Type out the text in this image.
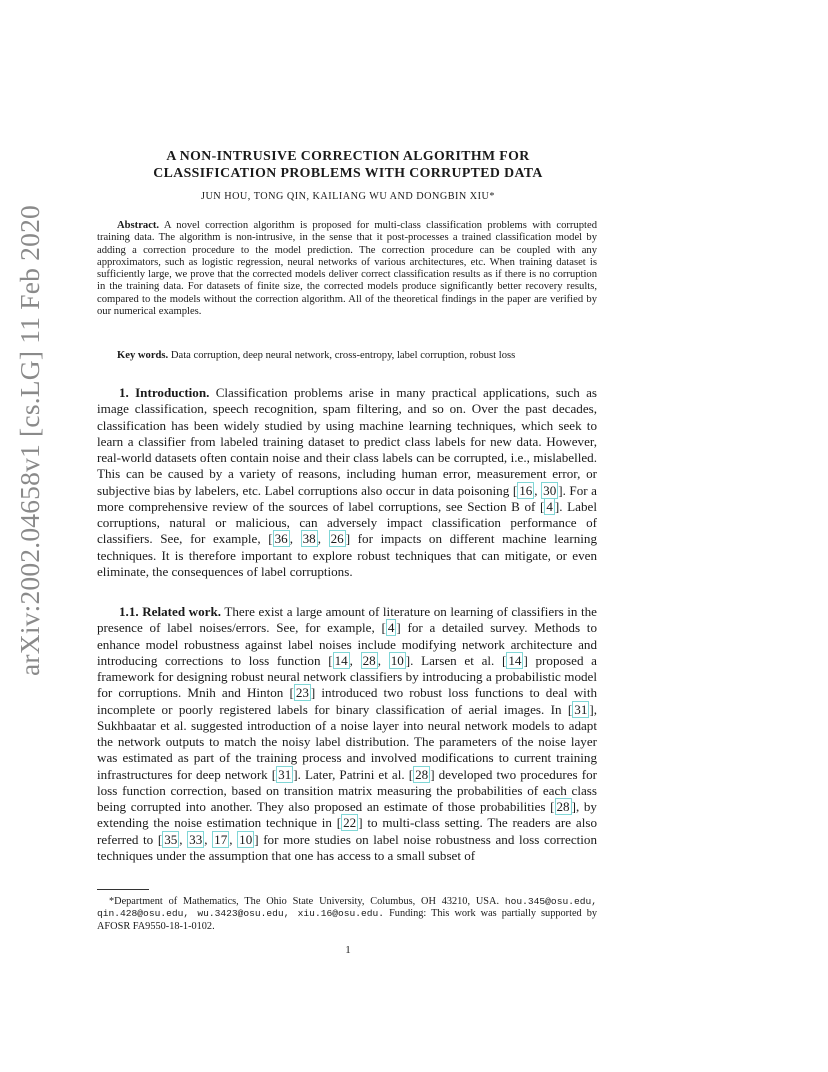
arXiv:2002.04658v1 [cs.LG] 11 Feb 2020
A NON-INTRUSIVE CORRECTION ALGORITHM FOR
CLASSIFICATION PROBLEMS WITH CORRUPTED DATA
JUN HOU, TONG QIN, KAILIANG WU AND DONGBIN XIU*
Abstract. A novel correction algorithm is proposed for multi-class classification problems with corrupted training data. The algorithm is non-intrusive, in the sense that it post-processes a trained classification model by adding a correction procedure to the model prediction. The correction procedure can be coupled with any approximators, such as logistic regression, neural networks of various architectures, etc. When training dataset is sufficiently large, we prove that the corrected models deliver correct classification results as if there is no corruption in the training data. For datasets of finite size, the corrected models produce significantly better recovery results, compared to the models without the correction algorithm. All of the theoretical findings in the paper are verified by our numerical examples.
Key words. Data corruption, deep neural network, cross-entropy, label corruption, robust loss
1. Introduction. Classification problems arise in many practical applications, such as image classification, speech recognition, spam filtering, and so on. Over the past decades, classification has been widely studied by using machine learning techniques, which seek to learn a classifier from labeled training dataset to predict class labels for new data. However, real-world datasets often contain noise and their class labels can be corrupted, i.e., mislabelled. This can be caused by a variety of reasons, including human error, measurement error, or subjective bias by labelers, etc. Label corruptions also occur in data poisoning [ 16 , 30 ]. For a more comprehensive review of the sources of label corruptions, see Section B of [ 4 ]. Label corruptions, natural or malicious, can adversely impact classification performance of classifiers. See, for example, [ 36 , 38 , 26 ] for impacts on different machine learning techniques. It is therefore important to explore robust techniques that can mitigate, or even eliminate, the consequences of label corruptions.
1.1. Related work. There exist a large amount of literature on learning of classifiers in the presence of label noises/errors. See, for example, [ 4 ] for a detailed survey. Methods to enhance model robustness against label noises include modifying network architecture and introducing corrections to loss function [ 14 , 28 , 10 ]. Larsen et al. [ 14 ] proposed a framework for designing robust neural network classifiers by introducing a probabilistic model for corruptions. Mnih and Hinton [ 23 ] introduced two robust loss functions to deal with incomplete or poorly registered labels for binary classification of aerial images. In [ 31 ], Sukhbaatar et al. suggested introduction of a noise layer into neural network models to adapt the network outputs to match the noisy label distribution. The parameters of the noise layer was estimated as part of the training process and involved modifications to current training infrastructures for deep network [ 31 ]. Later, Patrini et al. [ 28 ] developed two procedures for loss function correction, based on transition matrix measuring the probabilities of each class being corrupted into another. They also proposed an estimate of those probabilities [ 28 ], by extending the noise estimation technique in [ 22 ] to multi-class setting. The readers are also referred to [ 35 , 33 , 17 , 10 ] for more studies on label noise robustness and loss correction techniques under the assumption that one has access to a small subset of
*Department of Mathematics, The Ohio State University, Columbus, OH 43210, USA. hou.345@osu.edu, qin.428@osu.edu, wu.3423@osu.edu, xiu.16@osu.edu. Funding: This work was partially supported by AFOSR FA9550-18-1-0102.
1
